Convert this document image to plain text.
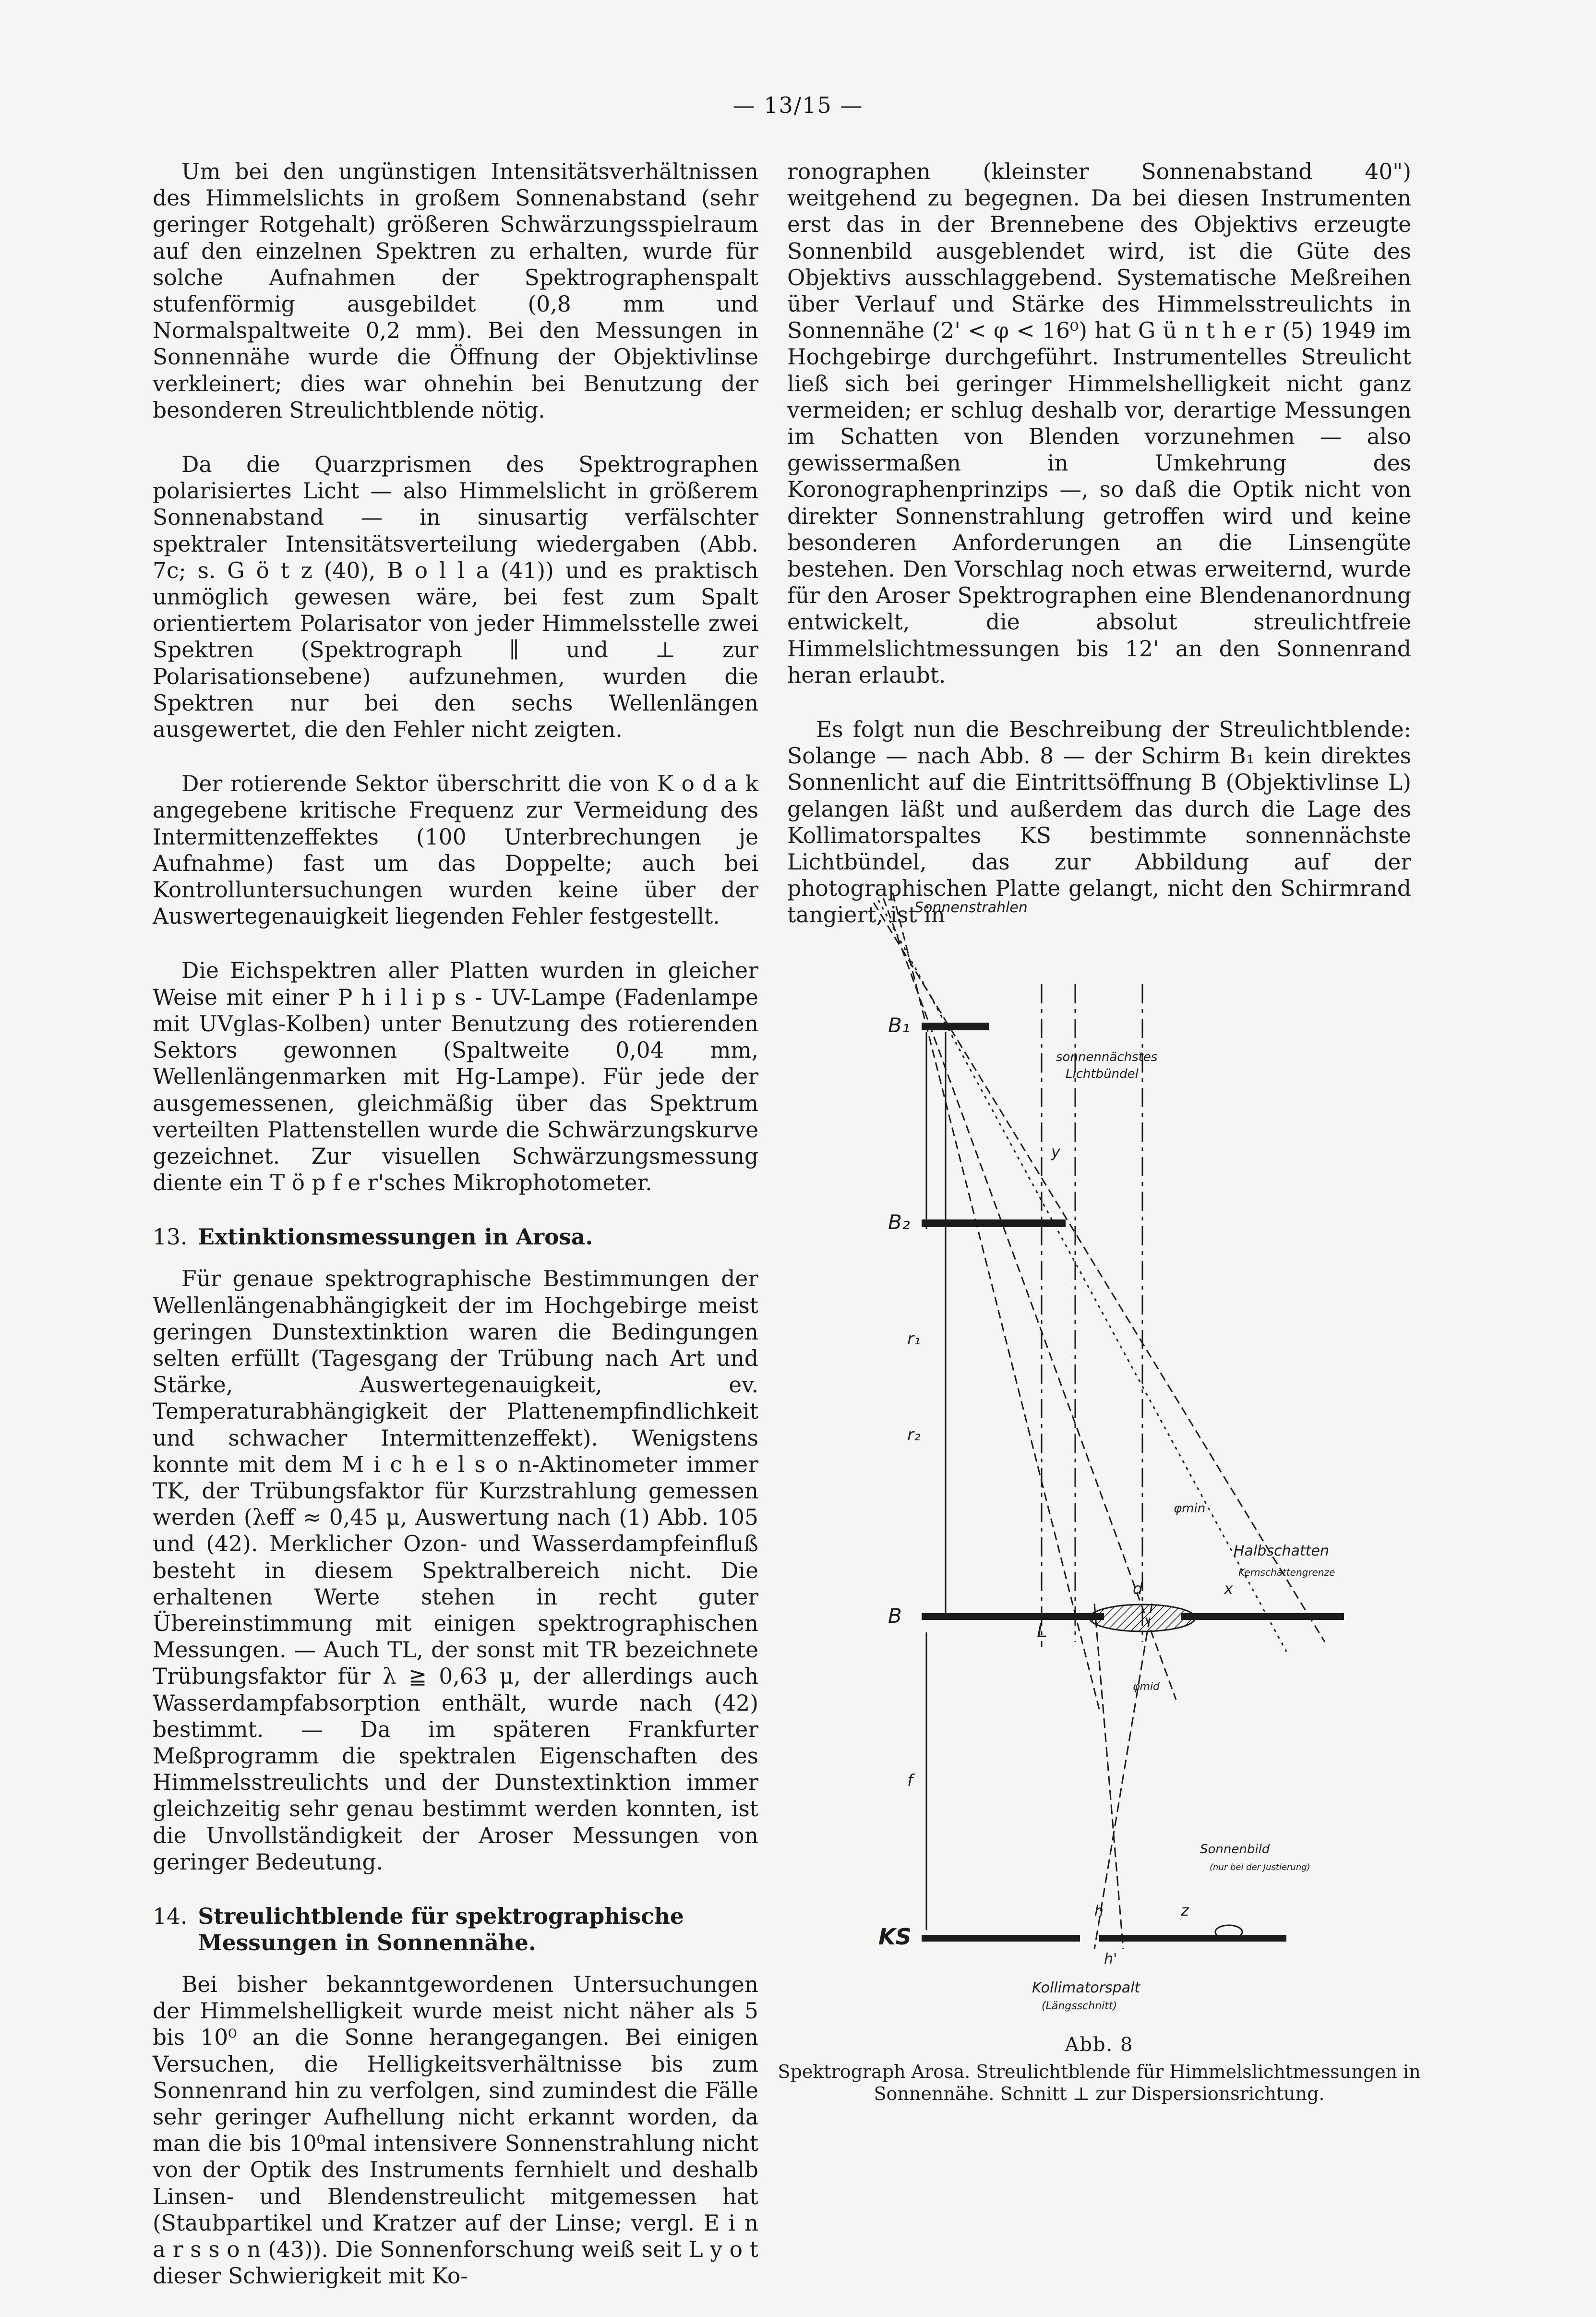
— 13/15 —

Um bei den ungünstigen Intensitätsverhältnissen des Himmelslichts in großem Sonnenabstand (sehr geringer Rotgehalt) größeren Schwärzungsspielraum auf den einzelnen Spektren zu erhalten, wurde für solche Aufnahmen der Spektrographenspalt stufenförmig ausgebildet (0,8 mm und Normalspaltweite 0,2 mm). Bei den Messungen in Sonnennähe wurde die Öffnung der Objektivlinse verkleinert; dies war ohnehin bei Benutzung der besonderen Streulichtblende nötig.

Da die Quarzprismen des Spektrographen polarisiertes Licht — also Himmelslicht in größerem Sonnenabstand — in sinusartig verfälschter spektraler Intensitätsverteilung wiedergaben (Abb. 7c; s. G ö t z (40), B o l l a (41)) und es praktisch unmöglich gewesen wäre, bei fest zum Spalt orientiertem Polarisator von jeder Himmelsstelle zwei Spektren (Spektrograph ∥ und ⊥ zur Polarisationsebene) aufzunehmen, wurden die Spektren nur bei den sechs Wellenlängen ausgewertet, die den Fehler nicht zeigten.

Der rotierende Sektor überschritt die von K o d a k angegebene kritische Frequenz zur Vermeidung des Intermittenzeffektes (100 Unterbrechungen je Aufnahme) fast um das Doppelte; auch bei Kontrolluntersuchungen wurden keine über der Auswertegenauigkeit liegenden Fehler festgestellt.

Die Eichspektren aller Platten wurden in gleicher Weise mit einer P h i l i p s - UV-Lampe (Fadenlampe mit UVglas-Kolben) unter Benutzung des rotierenden Sektors gewonnen (Spaltweite 0,04 mm, Wellenlängenmarken mit Hg-Lampe). Für jede der ausgemessenen, gleichmäßig über das Spektrum verteilten Plattenstellen wurde die Schwärzungskurve gezeichnet. Zur visuellen Schwärzungsmessung diente ein T ö p f e r'sches Mikrophotometer.

13. Extinktionsmessungen in Arosa.

Für genaue spektrographische Bestimmungen der Wellenlängenabhängigkeit der im Hochgebirge meist geringen Dunstextinktion waren die Bedingungen selten erfüllt (Tagesgang der Trübung nach Art und Stärke, Auswertegenauigkeit, ev. Temperaturabhängigkeit der Plattenempfindlichkeit und schwacher Intermittenzeffekt). Wenigstens konnte mit dem M i c h e l s o n-Aktinometer immer TK, der Trübungsfaktor für Kurzstrahlung gemessen werden (λeff ≈ 0,45 μ, Auswertung nach (1) Abb. 105 und (42). Merklicher Ozon- und Wasserdampfeinfluß besteht in diesem Spektralbereich nicht. Die erhaltenen Werte stehen in recht guter Übereinstimmung mit einigen spektrographischen Messungen. — Auch TL, der sonst mit TR bezeichnete Trübungsfaktor für λ ≧ 0,63 μ, der allerdings auch Wasserdampfabsorption enthält, wurde nach (42) bestimmt. — Da im späteren Frankfurter Meßprogramm die spektralen Eigenschaften des Himmelsstreulichts und der Dunstextinktion immer gleichzeitig sehr genau bestimmt werden konnten, ist die Unvollständigkeit der Aroser Messungen von geringer Bedeutung.

14. Streulichtblende für spektrographische Messungen in Sonnennähe.

Bei bisher bekanntgewordenen Untersuchungen der Himmelshelligkeit wurde meist nicht näher als 5 bis 10⁰ an die Sonne herangegangen. Bei einigen Versuchen, die Helligkeitsverhältnisse bis zum Sonnenrand hin zu verfolgen, sind zumindest die Fälle sehr geringer Aufhellung nicht erkannt worden, da man die bis 10⁰mal intensivere Sonnenstrahlung nicht von der Optik des Instruments fernhielt und deshalb Linsen- und Blendenstreulicht mitgemessen hat (Staubpartikel und Kratzer auf der Linse; vergl. E i n a r s s o n (43)). Die Sonnenforschung weiß seit L y o t dieser Schwierigkeit mit Ko-

ronographen (kleinster Sonnenabstand 40") weitgehend zu begegnen. Da bei diesen Instrumenten erst das in der Brennebene des Objektivs erzeugte Sonnenbild ausgeblendet wird, ist die Güte des Objektivs ausschlaggebend. Systematische Meßreihen über Verlauf und Stärke des Himmelsstreulichts in Sonnennähe (2' < φ < 16⁰) hat G ü n t h e r (5) 1949 im Hochgebirge durchgeführt. Instrumentelles Streulicht ließ sich bei geringer Himmelshelligkeit nicht ganz vermeiden; er schlug deshalb vor, derartige Messungen im Schatten von Blenden vorzunehmen — also gewissermaßen in Umkehrung des Koronographenprinzips —, so daß die Optik nicht von direkter Sonnenstrahlung getroffen wird und keine besonderen Anforderungen an die Linsengüte bestehen. Den Vorschlag noch etwas erweiternd, wurde für den Aroser Spektrographen eine Blendenanordnung entwickelt, die absolut streulichtfreie Himmelslichtmessungen bis 12' an den Sonnenrand heran erlaubt.

Es folgt nun die Beschreibung der Streulichtblende: Solange — nach Abb. 8 — der Schirm B₁ kein direktes Sonnenlicht auf die Eintrittsöffnung B (Objektivlinse L) gelangen läßt und außerdem das durch die Lage des Kollimatorspaltes KS bestimmte sonnennächste Lichtbündel, das zur Abbildung auf der photographischen Platte gelangt, nicht den Schirmrand tangiert, ist in

Sonnenstrahlen
B₁
B₂
B
KS
L
r₁
r₂
f
d	x
y
z
h
h'
φmin
φmid
sonnennächstes
Lichtbündel
Halbschatten
Kernschattengrenze
Sonnenbild
(nur bei der Justierung)
Kollimatorspalt
(Längsschnitt)
Abb. 8
Spektrograph Arosa. Streulichtblende für Himmelslichtmessungen in Sonnennähe. Schnitt ⊥ zur Dispersionsrichtung.
